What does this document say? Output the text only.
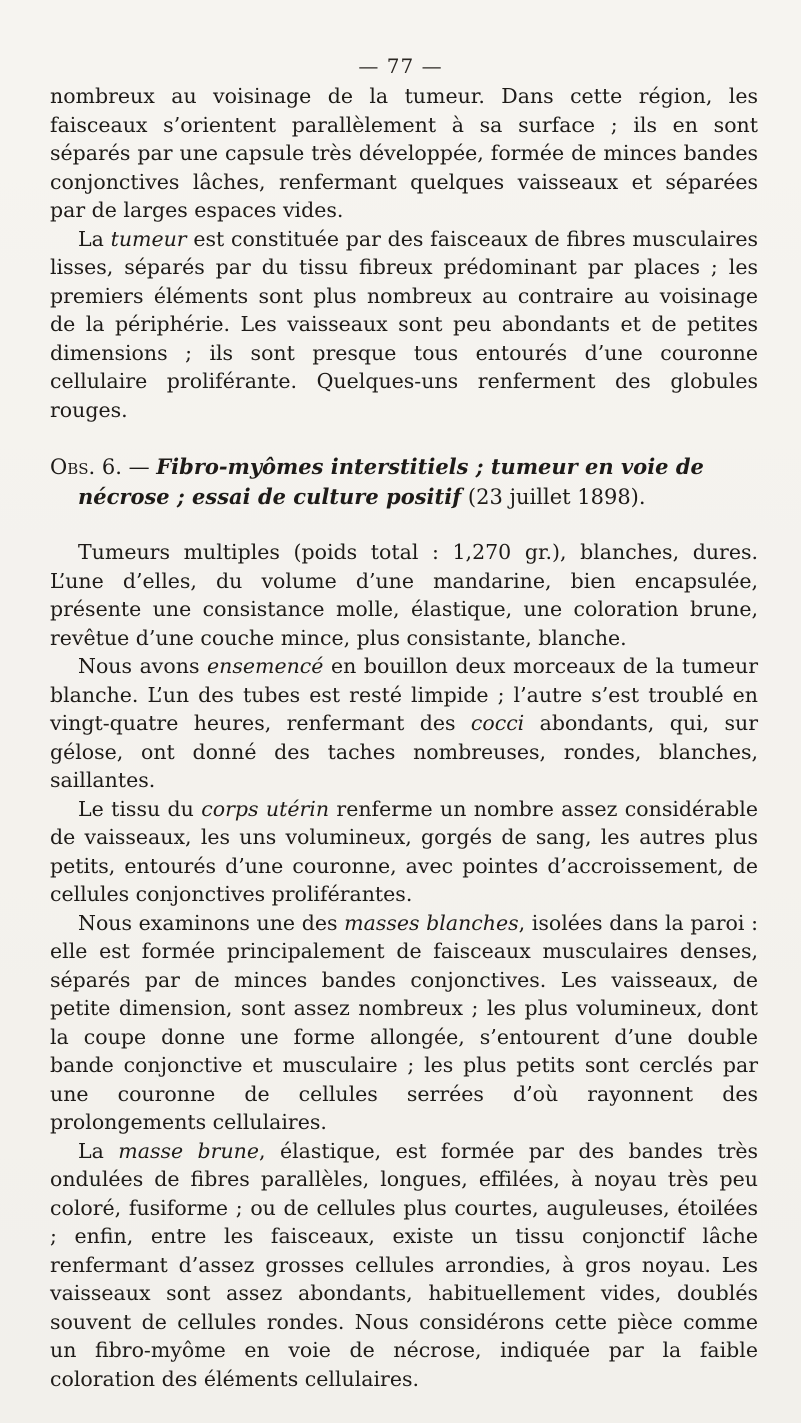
— 77 —

nombreux au voisinage de la tumeur. Dans cette région, les faisceaux s’orientent parallèlement à sa surface ; ils en sont séparés par une capsule très développée, formée de minces bandes conjonctives lâches, renfermant quelques vaisseaux et séparées par de larges espaces vides.

La tumeur est constituée par des faisceaux de fibres musculaires lisses, séparés par du tissu fibreux prédominant par places ; les premiers éléments sont plus nombreux au contraire au voisinage de la périphérie. Les vaisseaux sont peu abondants et de petites dimensions ; ils sont presque tous entourés d’une couronne cellulaire proliférante. Quelques-uns renferment des globules rouges.

Obs. 6. — Fibro-myômes interstitiels ; tumeur en voie de
nécrose ; essai de culture positif (23 juillet 1898).

Tumeurs multiples (poids total : 1,270 gr.), blanches, dures. L’une d’elles, du volume d’une mandarine, bien encapsulée, présente une consistance molle, élastique, une coloration brune, revêtue d’une couche mince, plus consistante, blanche.

Nous avons ensemencé en bouillon deux morceaux de la tumeur blanche. L’un des tubes est resté limpide ; l’autre s’est troublé en vingt-quatre heures, renfermant des cocci abondants, qui, sur gélose, ont donné des taches nombreuses, rondes, blanches, saillantes.

Le tissu du corps utérin renferme un nombre assez considérable de vaisseaux, les uns volumineux, gorgés de sang, les autres plus petits, entourés d’une couronne, avec pointes d’accroissement, de cellules conjonctives proliférantes.

Nous examinons une des masses blanches, isolées dans la paroi : elle est formée principalement de faisceaux musculaires denses, séparés par de minces bandes conjonctives. Les vaisseaux, de petite dimension, sont assez nombreux ; les plus volumineux, dont la coupe donne une forme allongée, s’entourent d’une double bande conjonctive et musculaire ; les plus petits sont cerclés par une couronne de cellules serrées d’où rayonnent des prolongements cellulaires.

La masse brune, élastique, est formée par des bandes très ondulées de fibres parallèles, longues, effilées, à noyau très peu coloré, fusiforme ; ou de cellules plus courtes, auguleuses, étoilées ; enfin, entre les faisceaux, existe un tissu conjonctif lâche renfermant d’assez grosses cellules arrondies, à gros noyau. Les vaisseaux sont assez abondants, habituellement vides, doublés souvent de cellules rondes. Nous considérons cette pièce comme un fibro-myôme en voie de nécrose, indiquée par la faible coloration des éléments cellulaires.
